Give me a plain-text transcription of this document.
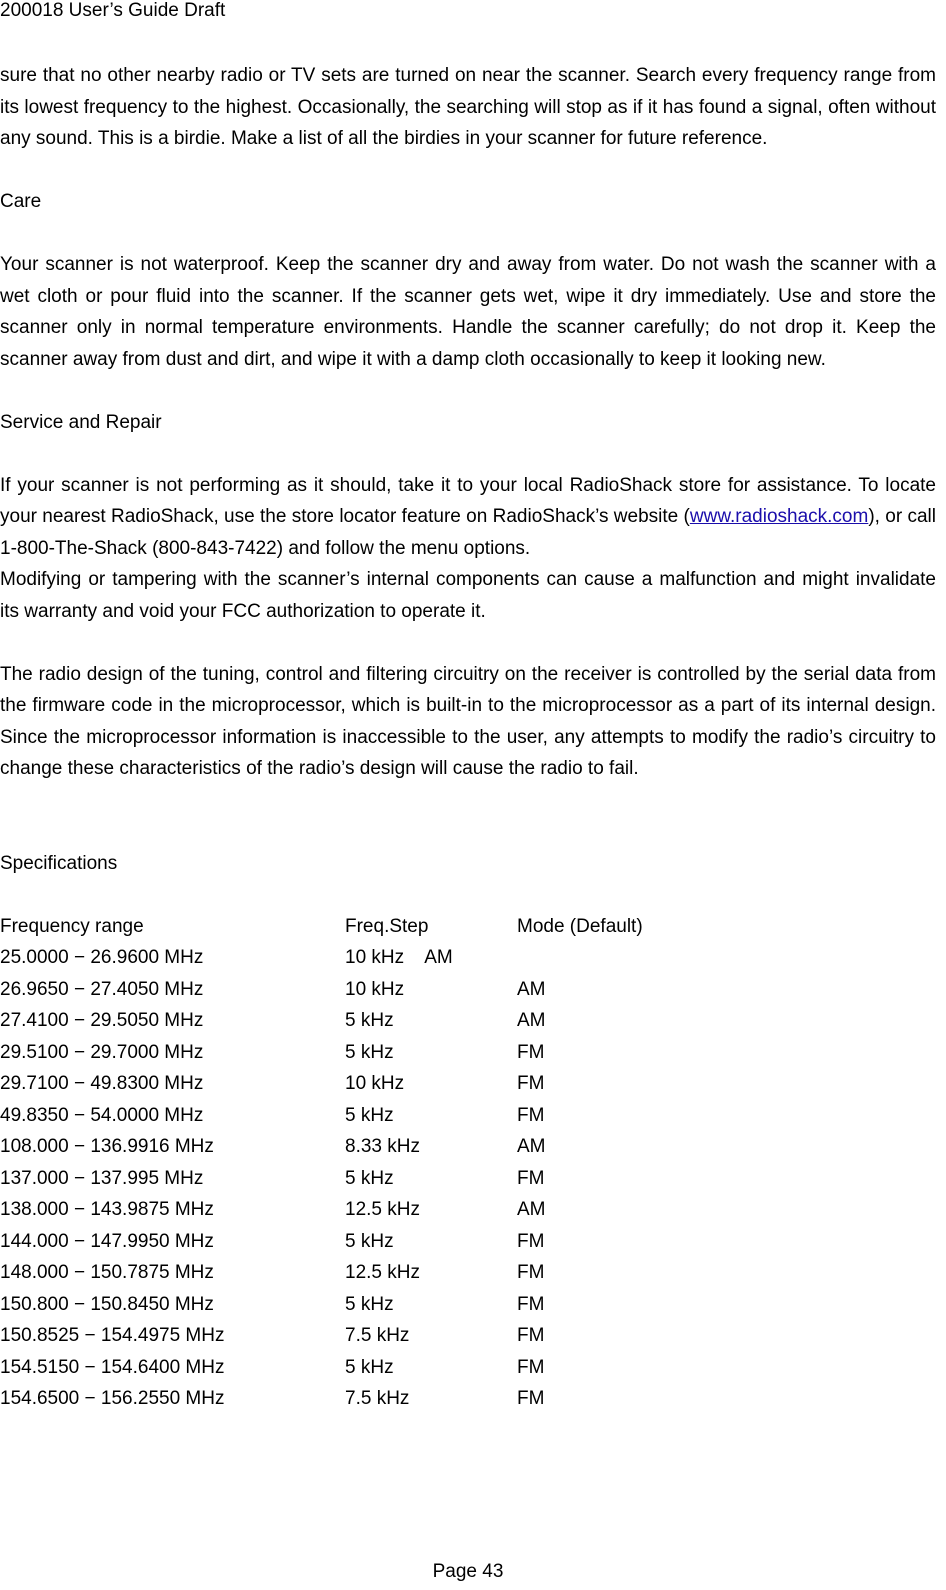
200018 User’s Guide Draft

sure that no other nearby radio or TV sets are turned on near the scanner. Search every frequency range from its lowest frequency to the highest. Occasionally, the searching will stop as if it has found a signal, often without any sound. This is a birdie. Make a list of all the birdies in your scanner for future reference.

Care

Your scanner is not waterproof. Keep the scanner dry and away from water. Do not wash the scanner with a wet cloth or pour fluid into the scanner. If the scanner gets wet, wipe it dry immediately. Use and store the scanner only in normal temperature environments. Handle the scanner carefully; do not drop it. Keep the scanner away from dust and dirt, and wipe it with a damp cloth occasionally to keep it looking new.

Service and Repair

If your scanner is not performing as it should, take it to your local RadioShack store for assistance. To locate your nearest RadioShack, use the store locator feature on RadioShack’s website (www.radioshack.com), or call 1-800-The-Shack (800-843-7422) and follow the menu options.

Modifying or tampering with the scanner’s internal components can cause a malfunction and might invalidate its warranty and void your FCC authorization to operate it.

The radio design of the tuning, control and filtering circuitry on the receiver is controlled by the serial data from the firmware code in the microprocessor, which is built-in to the microprocessor as a part of its internal design. Since the microprocessor information is inaccessible to the user, any attempts to modify the radio’s circuitry to change these characteristics of the radio’s design will cause the radio to fail.

Specifications

Frequency range	Freq.Step	Mode (Default)
25.0000 − 26.9600 MHz	10 kHz    AM
26.9650 − 27.4050 MHz	10 kHz	AM
27.4100 − 29.5050 MHz	5 kHz	AM
29.5100 − 29.7000 MHz	5 kHz	FM
29.7100 − 49.8300 MHz	10 kHz	FM
49.8350 − 54.0000 MHz	5 kHz	FM
108.000 − 136.9916 MHz	8.33 kHz	AM
137.000 − 137.995 MHz	5 kHz	FM
138.000 − 143.9875 MHz	12.5 kHz	AM
144.000 − 147.9950 MHz	5 kHz	FM
148.000 − 150.7875 MHz	12.5 kHz	FM
150.800 − 150.8450 MHz	5 kHz	FM
150.8525 − 154.4975 MHz	7.5 kHz	FM
154.5150 − 154.6400 MHz	5 kHz	FM
154.6500 − 156.2550 MHz	7.5 kHz	FM
Page 43
